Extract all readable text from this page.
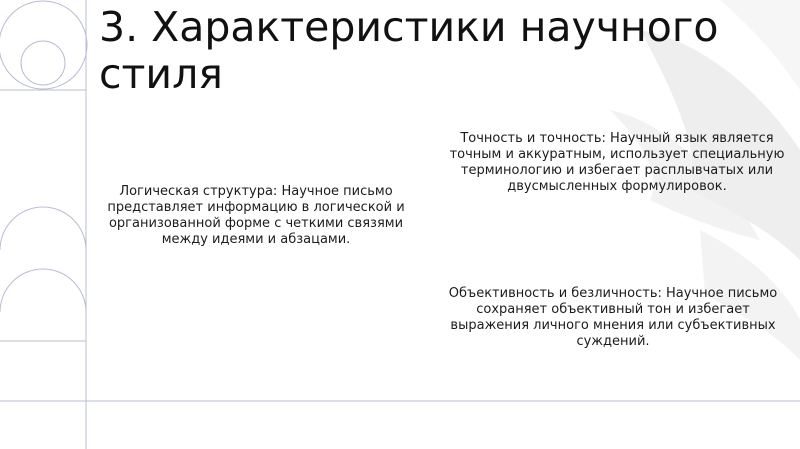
3. Характеристики научного стиля

Логическая структура: Научное письмо представляет информацию в логической и организованной форме с четкими связями между идеями и абзацами.

Точность и точность: Научный язык является точным и аккуратным, использует специальную терминологию и избегает расплывчатых или двусмысленных формулировок.

Объективность и безличность: Научное письмо сохраняет объективный тон и избегает выражения личного мнения или субъективных суждений.
